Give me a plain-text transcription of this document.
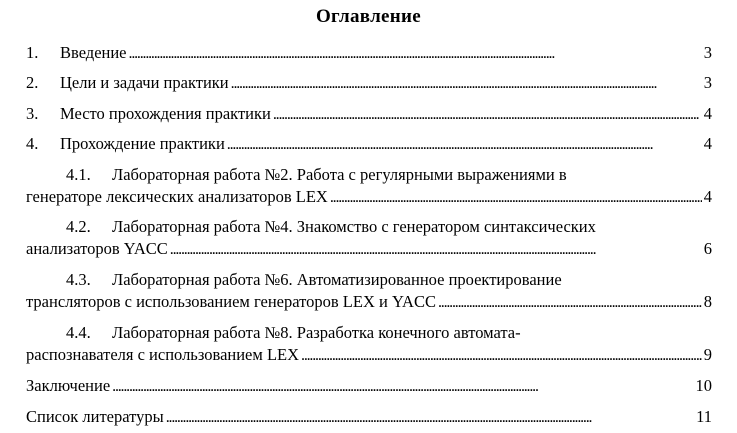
Оглавление
1.	Введение . . .	3
2.	Цели и задачи практики . . .	3
3.	Место прохождения практики . . .	4
4.	Прохождение практики . . .	4
4.1. Лабораторная работа №2. Работа с регулярными выражениями в
генераторе лексических анализаторов LEX . . .	4
4.2. Лабораторная работа №4. Знакомство с генератором синтаксических
анализаторов YACC . . .	6
4.3. Лабораторная работа №6. Автоматизированное проектирование
трансляторов с использованием генераторов LEX и YACC . . .	8
4.4. Лабораторная работа №8. Разработка конечного автомата-
распознавателя с использованием LEX . . .	9
Заключение . . .	10
Список литературы . . .	11
